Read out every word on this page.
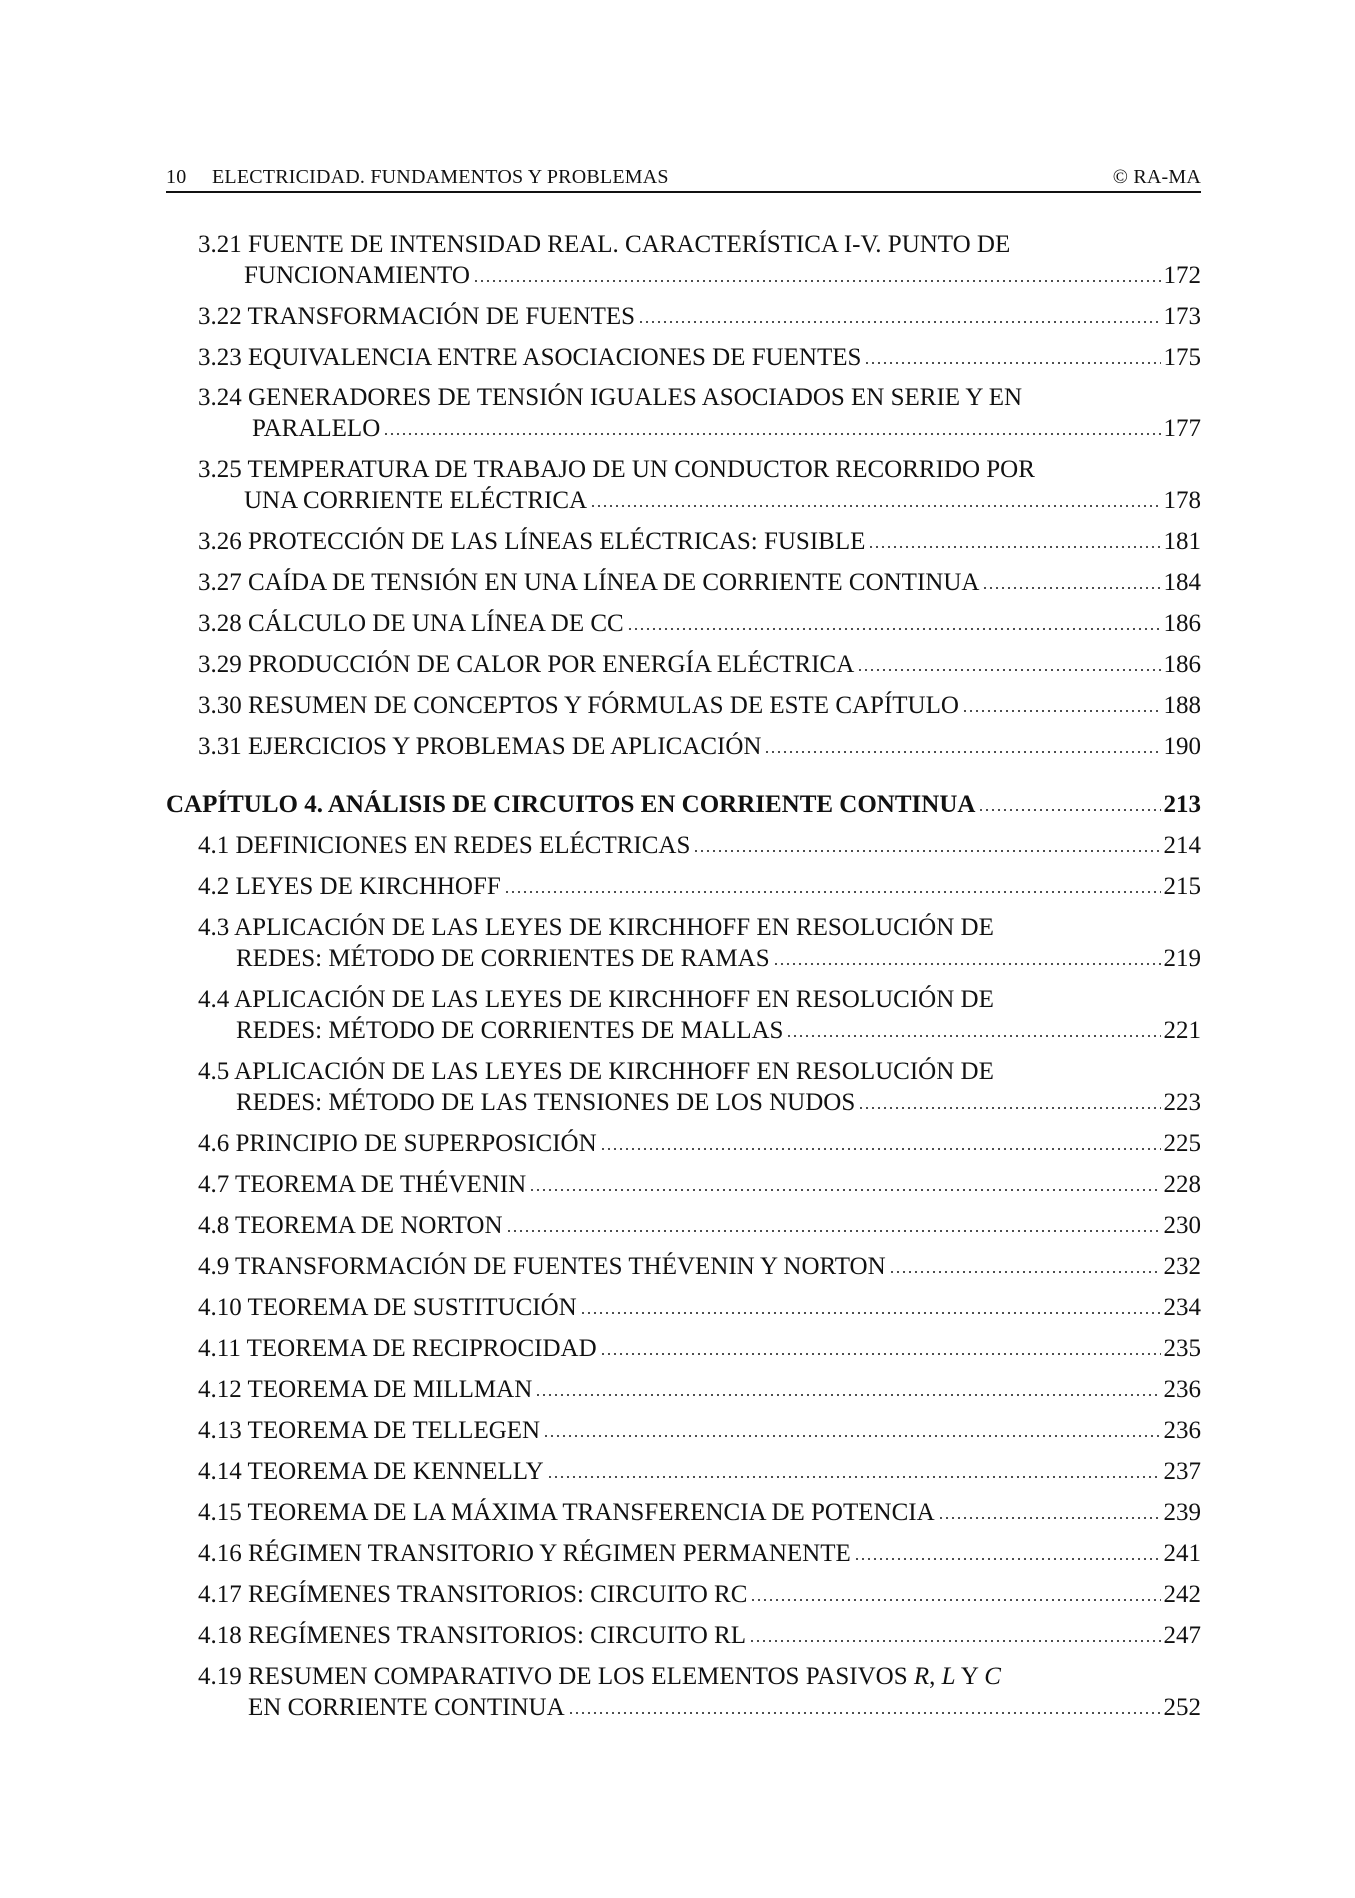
10 ELECTRICIDAD. FUNDAMENTOS Y PROBLEMAS	© RA-MA
3.21 FUENTE DE INTENSIDAD REAL. CARACTERÍSTICA I-V. PUNTO DE
FUNCIONAMIENTO	172
3.22 TRANSFORMACIÓN DE FUENTES	173
3.23 EQUIVALENCIA ENTRE ASOCIACIONES DE FUENTES	175
3.24 GENERADORES DE TENSIÓN IGUALES ASOCIADOS EN SERIE Y EN
PARALELO	177
3.25 TEMPERATURA DE TRABAJO DE UN CONDUCTOR RECORRIDO POR
UNA CORRIENTE ELÉCTRICA	178
3.26 PROTECCIÓN DE LAS LÍNEAS ELÉCTRICAS: FUSIBLE	181
3.27 CAÍDA DE TENSIÓN EN UNA LÍNEA DE CORRIENTE CONTINUA	184
3.28 CÁLCULO DE UNA LÍNEA DE CC	186
3.29 PRODUCCIÓN DE CALOR POR ENERGÍA ELÉCTRICA	186
3.30 RESUMEN DE CONCEPTOS Y FÓRMULAS DE ESTE CAPÍTULO	188
3.31 EJERCICIOS Y PROBLEMAS DE APLICACIÓN	190
CAPÍTULO 4. ANÁLISIS DE CIRCUITOS EN CORRIENTE CONTINUA	213
4.1 DEFINICIONES EN REDES ELÉCTRICAS	214
4.2 LEYES DE KIRCHHOFF	215
4.3 APLICACIÓN DE LAS LEYES DE KIRCHHOFF EN RESOLUCIÓN DE
REDES: MÉTODO DE CORRIENTES DE RAMAS	219
4.4 APLICACIÓN DE LAS LEYES DE KIRCHHOFF EN RESOLUCIÓN DE
REDES: MÉTODO DE CORRIENTES DE MALLAS	221
4.5 APLICACIÓN DE LAS LEYES DE KIRCHHOFF EN RESOLUCIÓN DE
REDES: MÉTODO DE LAS TENSIONES DE LOS NUDOS	223
4.6 PRINCIPIO DE SUPERPOSICIÓN	225
4.7 TEOREMA DE THÉVENIN	228
4.8 TEOREMA DE NORTON	230
4.9 TRANSFORMACIÓN DE FUENTES THÉVENIN Y NORTON	232
4.10 TEOREMA DE SUSTITUCIÓN	234
4.11 TEOREMA DE RECIPROCIDAD	235
4.12 TEOREMA DE MILLMAN	236
4.13 TEOREMA DE TELLEGEN	236
4.14 TEOREMA DE KENNELLY	237
4.15 TEOREMA DE LA MÁXIMA TRANSFERENCIA DE POTENCIA	239
4.16 RÉGIMEN TRANSITORIO Y RÉGIMEN PERMANENTE	241
4.17 REGÍMENES TRANSITORIOS: CIRCUITO RC	242
4.18 REGÍMENES TRANSITORIOS: CIRCUITO RL	247
4.19 RESUMEN COMPARATIVO DE LOS ELEMENTOS PASIVOS R, L Y C
EN CORRIENTE CONTINUA	252
